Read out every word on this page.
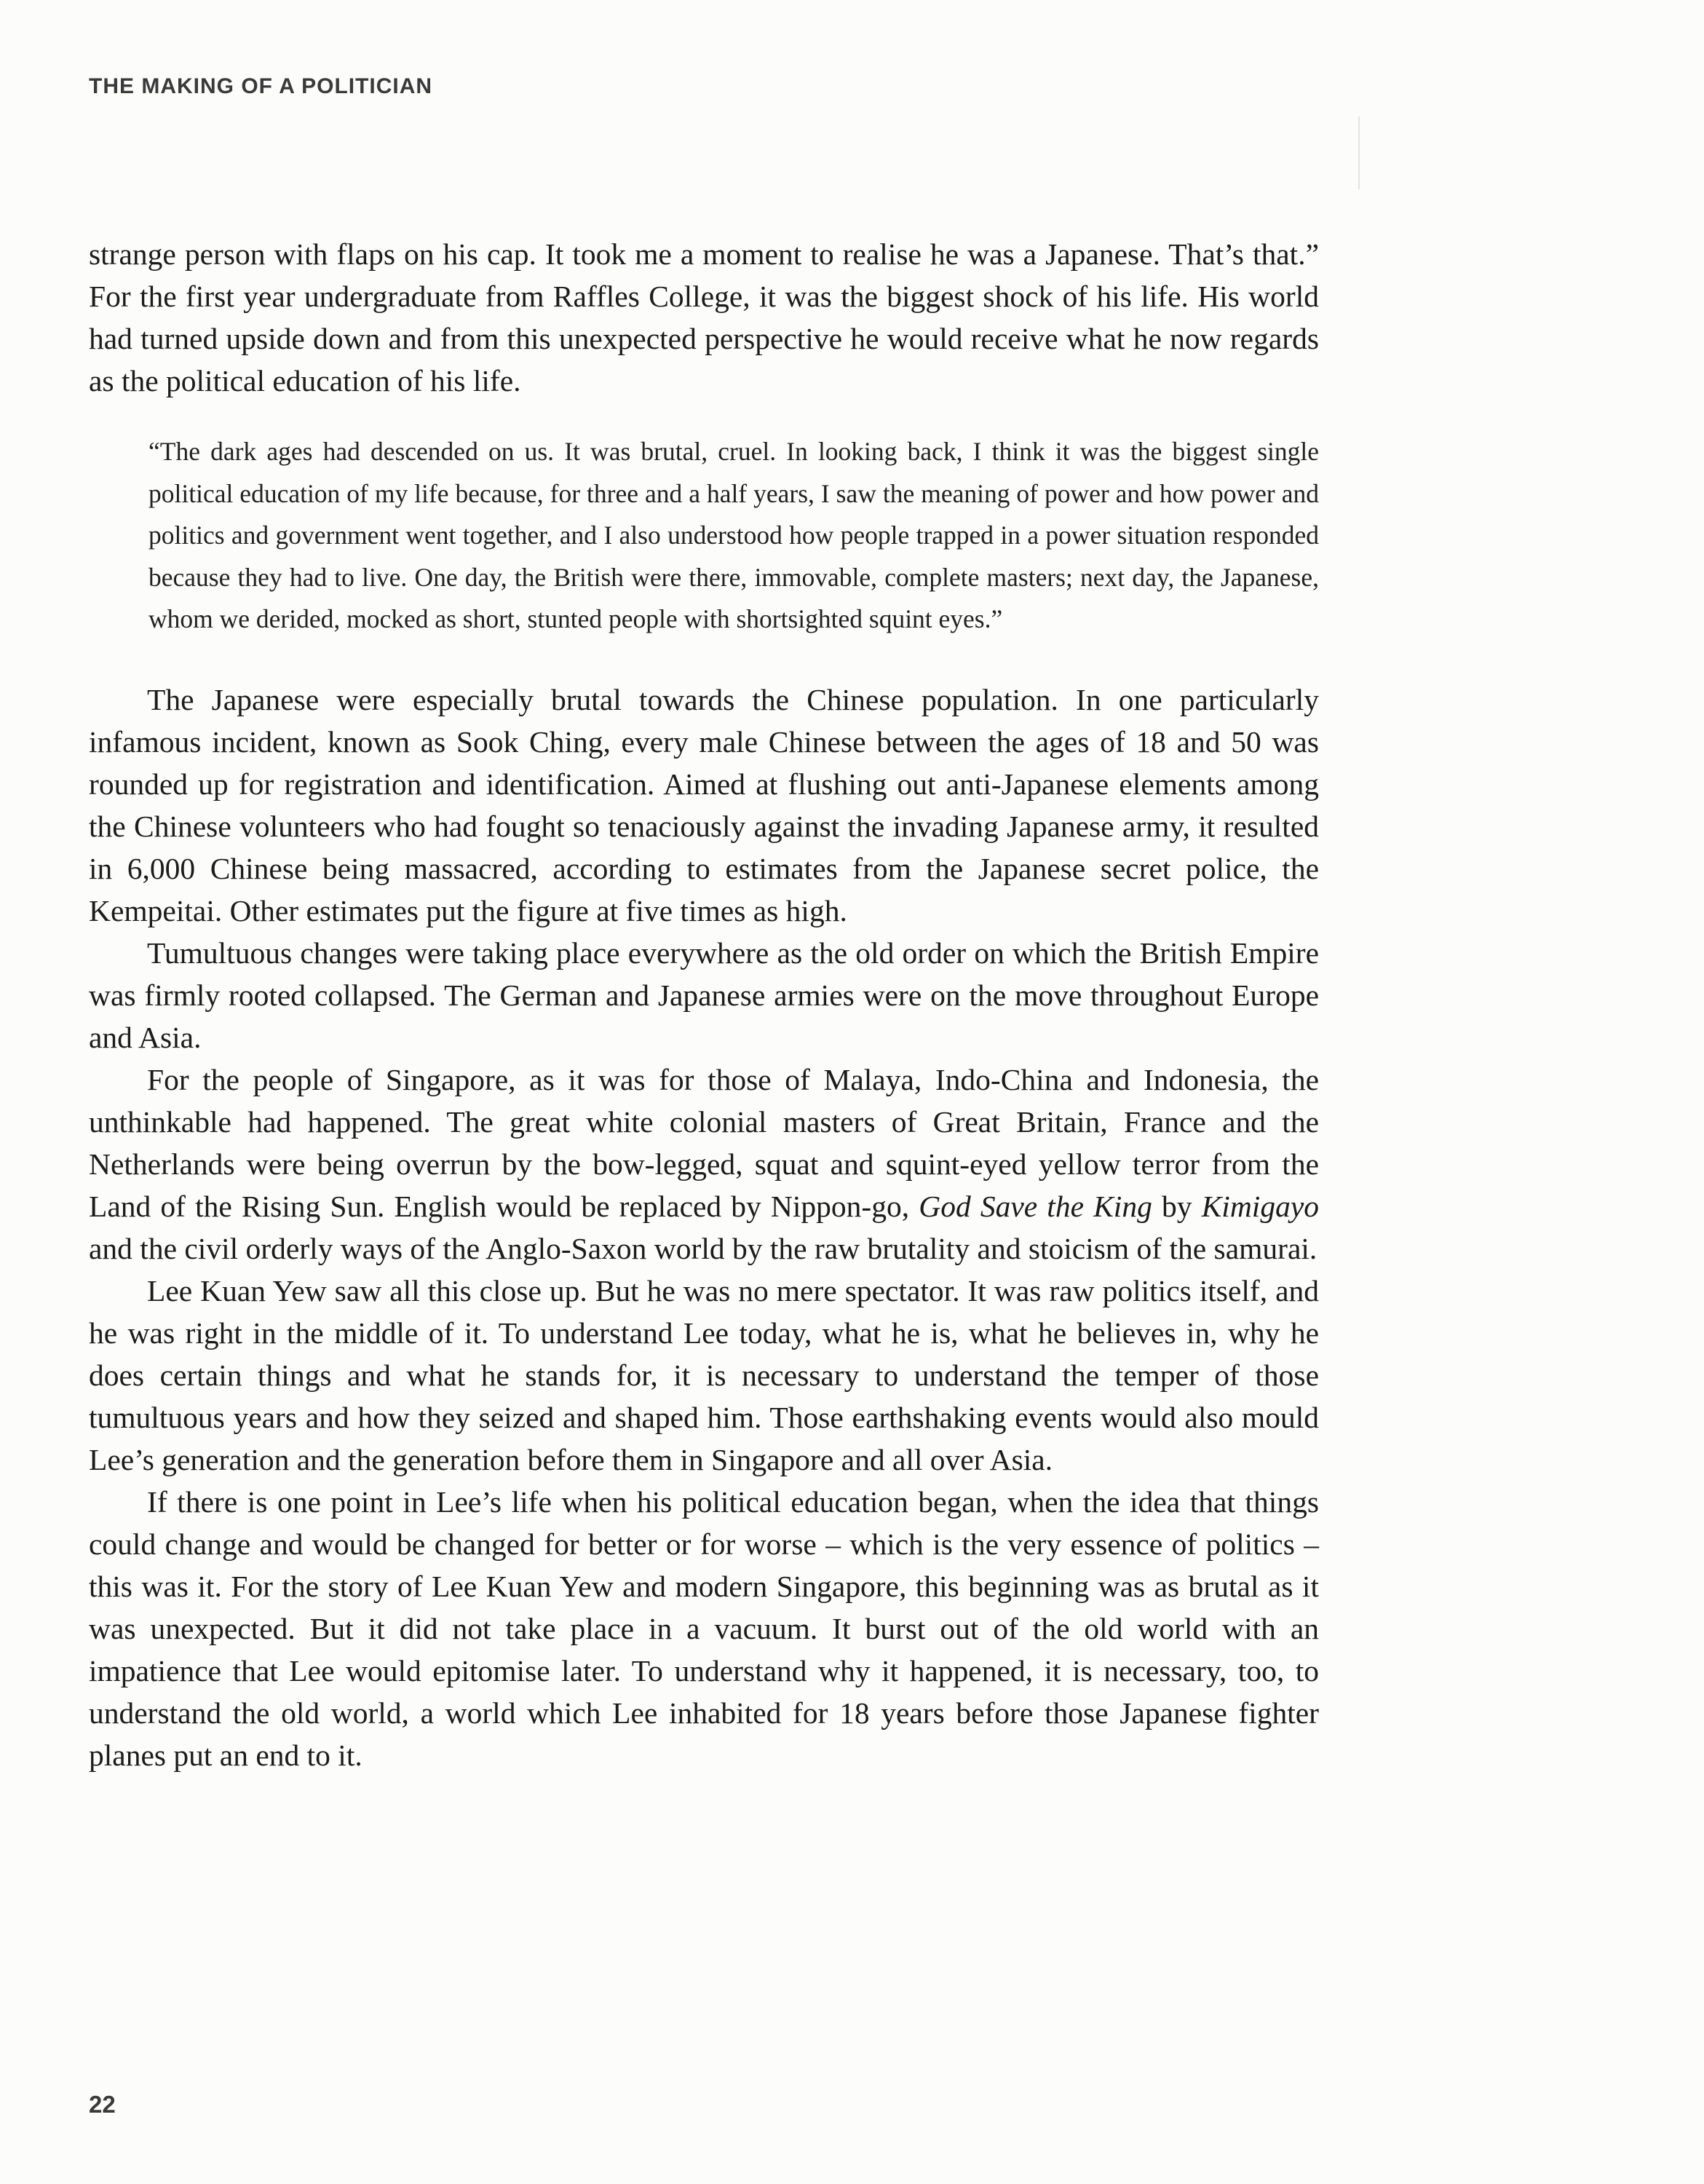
THE MAKING OF A POLITICIAN

strange person with flaps on his cap. It took me a moment to realise he was a Japanese. That’s that.” For the first year undergraduate from Raffles College, it was the biggest shock of his life. His world had turned upside down and from this unexpected perspective he would receive what he now regards as the political education of his life.

“The dark ages had descended on us. It was brutal, cruel. In looking back, I think it was the biggest single political education of my life because, for three and a half years, I saw the meaning of power and how power and politics and government went together, and I also understood how people trapped in a power situation responded because they had to live. One day, the British were there, immovable, complete masters; next day, the Japanese, whom we derided, mocked as short, stunted people with shortsighted squint eyes.”

The Japanese were especially brutal towards the Chinese population. In one particularly infamous incident, known as Sook Ching, every male Chinese between the ages of 18 and 50 was rounded up for registration and identification. Aimed at flushing out anti-Japanese elements among the Chinese volunteers who had fought so tenaciously against the invading Japanese army, it resulted in 6,000 Chinese being massacred, according to estimates from the Japanese secret police, the Kempeitai. Other estimates put the figure at five times as high.

Tumultuous changes were taking place everywhere as the old order on which the British Empire was firmly rooted collapsed. The German and Japanese armies were on the move throughout Europe and Asia.

For the people of Singapore, as it was for those of Malaya, Indo-China and Indonesia, the unthinkable had happened. The great white colonial masters of Great Britain, France and the Netherlands were being overrun by the bow-legged, squat and squint-eyed yellow terror from the Land of the Rising Sun. English would be replaced by Nippon-go, God Save the King by Kimigayo and the civil orderly ways of the Anglo-Saxon world by the raw brutality and stoicism of the samurai.

Lee Kuan Yew saw all this close up. But he was no mere spectator. It was raw politics itself, and he was right in the middle of it. To understand Lee today, what he is, what he believes in, why he does certain things and what he stands for, it is necessary to understand the temper of those tumultuous years and how they seized and shaped him. Those earthshaking events would also mould Lee’s generation and the generation before them in Singapore and all over Asia.

If there is one point in Lee’s life when his political education began, when the idea that things could change and would be changed for better or for worse – which is the very essence of politics – this was it. For the story of Lee Kuan Yew and modern Singapore, this beginning was as brutal as it was unexpected. But it did not take place in a vacuum. It burst out of the old world with an impatience that Lee would epitomise later. To understand why it happened, it is necessary, too, to understand the old world, a world which Lee inhabited for 18 years before those Japanese fighter planes put an end to it.

22
